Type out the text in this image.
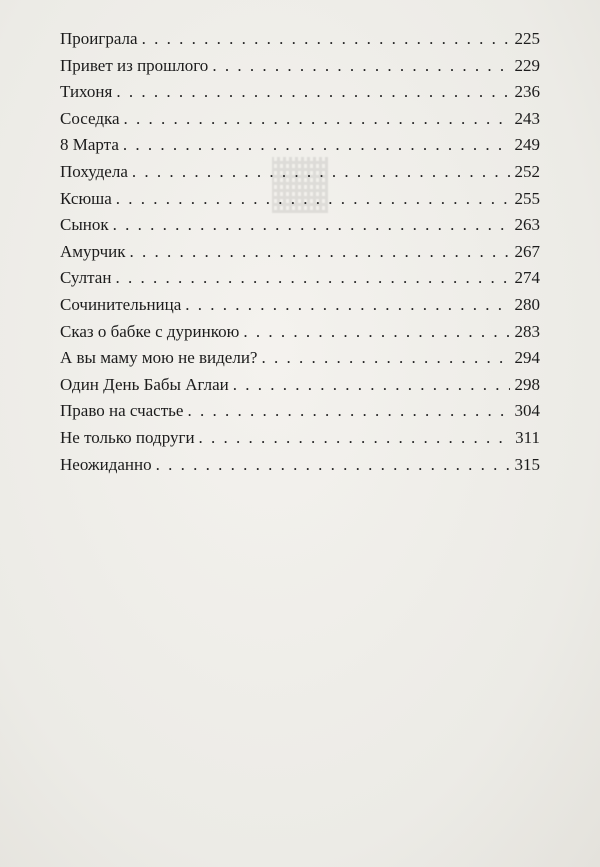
Проиграла . . .	225
Привет из прошлого . . .	229
Тихоня . . .	236
Соседка . . .	243
8 Марта . . .	249
Похудела . . .	252
Ксюша . . .	255
Сынок . . .	263
Амурчик . . .	267
Султан . . .	274
Сочинительница . . .	280
Сказ о бабке с дуринкою . . .	283
А вы маму мою не видели? . . .	294
Один День Бабы Аглаи . . .	298
Право на счастье . . .	304
Не только подруги . . .	311
Неожиданно . . .	315
